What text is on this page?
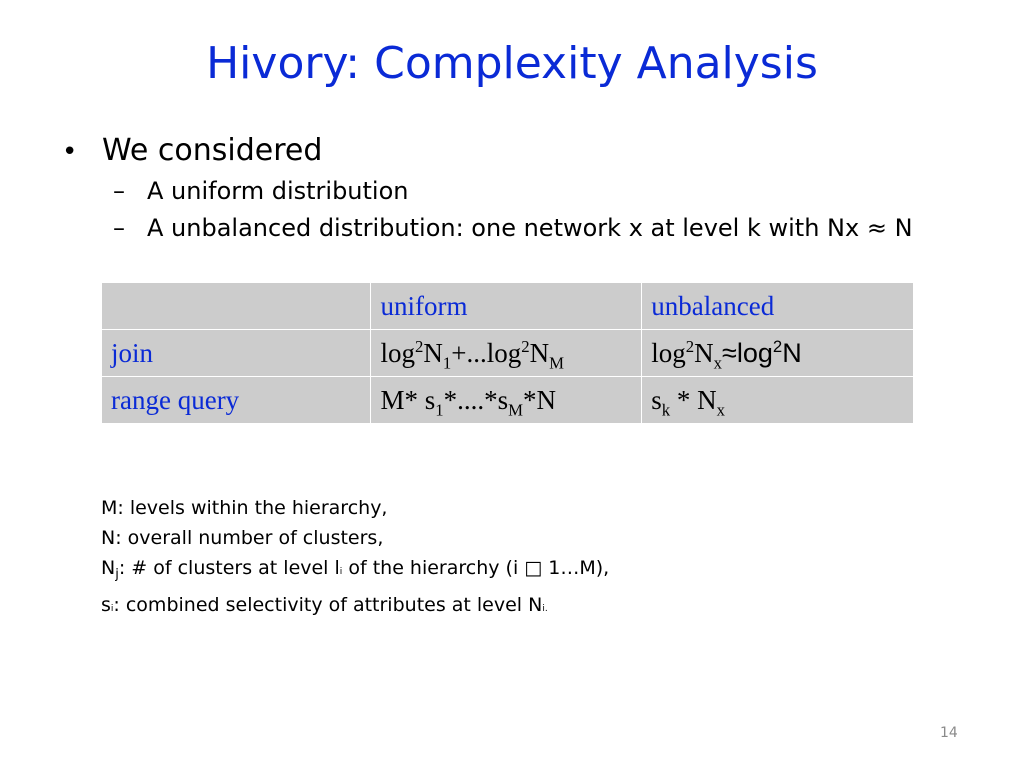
Hivory: Complexity Analysis
• We considered
– A uniform distribution
– A unbalanced distribution: one network x at level k with Nx ≈ N
	uniform	unbalanced
join	$\log^2N_1+...\log^2N_M$	$\log^2N_x\approx\log^2N$
range query	M* $s_1*....*s_M*N$	$s_k * N_x$
M: levels within the hierarchy,
N: overall number of clusters,
$N_j$: # of clusters at level li of the hierarchy (i □ 1…M),
si: combined selectivity of attributes at level Ni.
14
